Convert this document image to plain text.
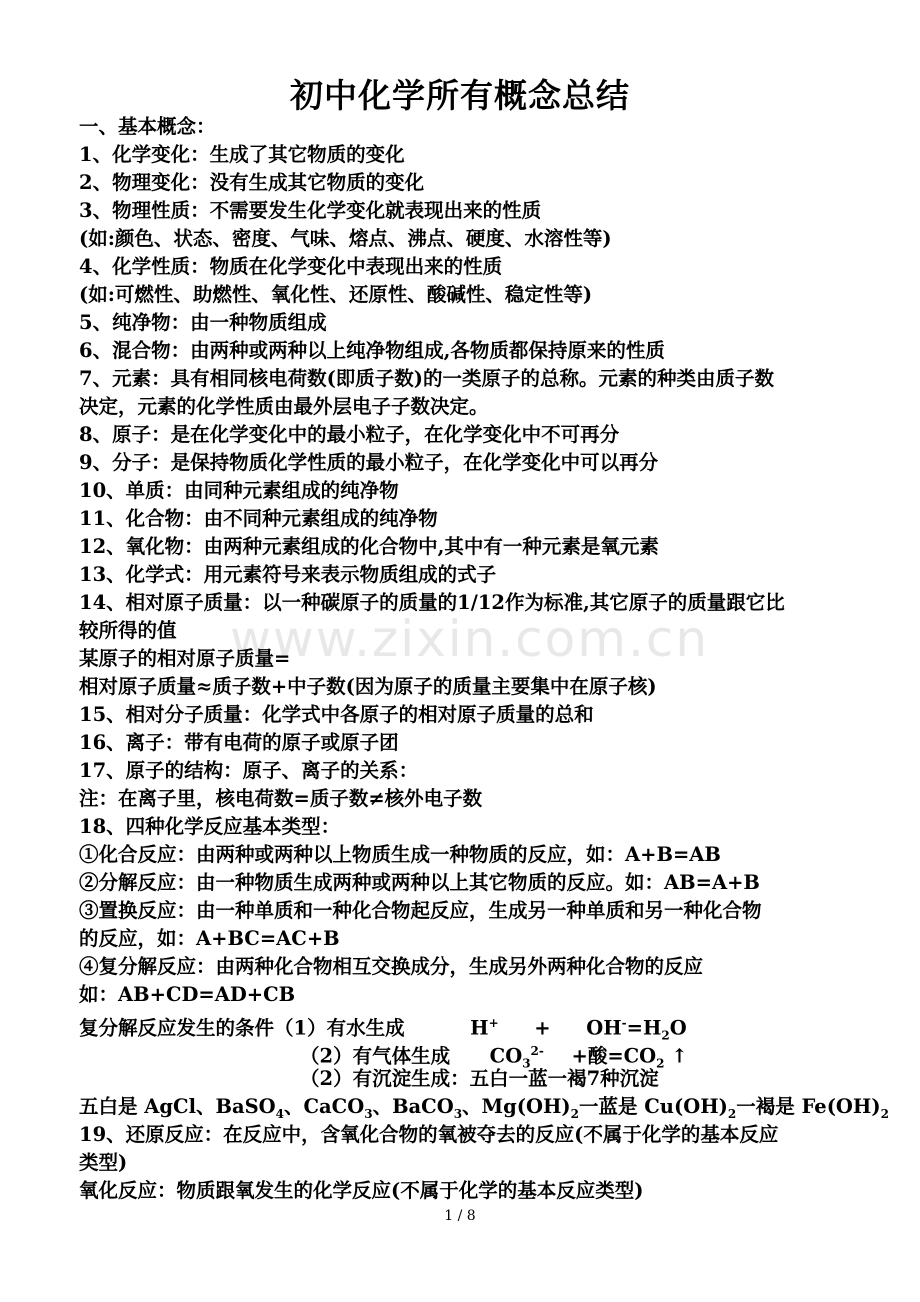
www.zixin.com.cn
初中化学所有概念总结
一、基本概念：
1、化学变化：生成了其它物质的变化
2、物理变化：没有生成其它物质的变化
3、物理性质：不需要发生化学变化就表现出来的性质
(如:颜色、状态、密度、气味、熔点、沸点、硬度、水溶性等)
4、化学性质：物质在化学变化中表现出来的性质
(如:可燃性、助燃性、氧化性、还原性、酸碱性、稳定性等)
5、纯净物：由一种物质组成
6、混合物：由两种或两种以上纯净物组成,各物质都保持原来的性质
7、元素：具有相同核电荷数(即质子数)的一类原子的总称。元素的种类由质子数
决定，元素的化学性质由最外层电子子数决定。
8、原子：是在化学变化中的最小粒子，在化学变化中不可再分
9、分子：是保持物质化学性质的最小粒子，在化学变化中可以再分
10、单质：由同种元素组成的纯净物
11、化合物：由不同种元素组成的纯净物
12、氧化物：由两种元素组成的化合物中,其中有一种元素是氧元素
13、化学式：用元素符号来表示物质组成的式子
14、相对原子质量：以一种碳原子的质量的1/12作为标准,其它原子的质量跟它比
较所得的值
某原子的相对原子质量=
相对原子质量≈质子数+中子数(因为原子的质量主要集中在原子核)
15、相对分子质量：化学式中各原子的相对原子质量的总和
16、离子：带有电荷的原子或原子团
17、原子的结构：原子、离子的关系：
注：在离子里，核电荷数=质子数≠核外电子数
18、四种化学反应基本类型：
①化合反应：由两种或两种以上物质生成一种物质的反应，如：A+B=AB
②分解反应：由一种物质生成两种或两种以上其它物质的反应。如：AB=A+B
③置换反应：由一种单质和一种化合物起反应，生成另一种单质和另一种化合物
的反应，如：A+BC=AC+B
④复分解反应：由两种化合物相互交换成分，生成另外两种化合物的反应
如：AB+CD=AD+CB
复分解反应发生的条件（1）有水生成	$H^+ + OH^-=H_2O$
（2）有气体生成 $CO_3^{2-}$ +酸$=CO_2$ ↑
（2）有沉淀生成：五白一蓝一褐7种沉淀
五白是 AgCl、BaSO$_4$、CaCO$_3$、BaCO$_3$、$Mg(OH)_2$一蓝是 $Cu(OH)_2$一褐是 $Fe(OH)_2$
19、还原反应：在反应中，含氧化合物的氧被夺去的反应(不属于化学的基本反应
类型)
氧化反应：物质跟氧发生的化学反应(不属于化学的基本反应类型)
1 / 8
